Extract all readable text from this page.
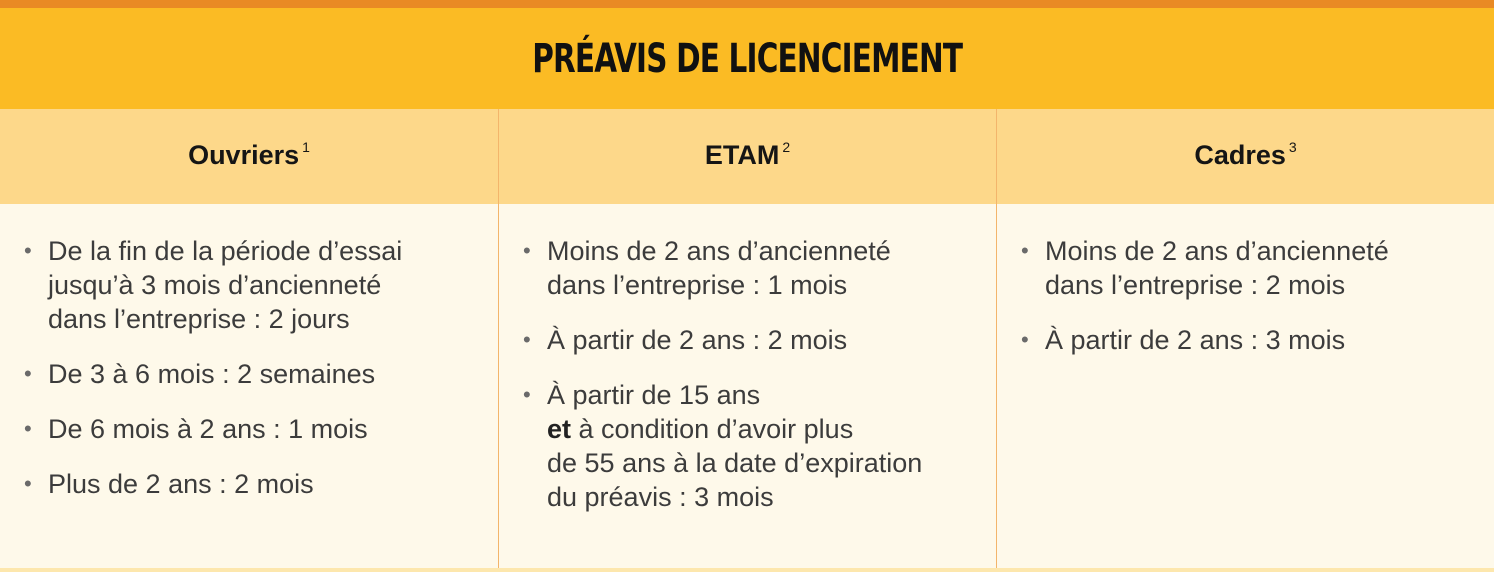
PRÉAVIS DE LICENCIEMENT
Ouvriers $^1$	ETAM $^2$	Cadres $^3$
• De la fin de la période d’essai
jusqu’à 3 mois d’ancienneté
dans l’entreprise : 2 jours
• De 3 à 6 mois : 2 semaines
• De 6 mois à 2 ans : 1 mois
• Plus de 2 ans : 2 mois
• Moins de 2 ans d’ancienneté
dans l’entreprise : 1 mois
• À partir de 2 ans : 2 mois
• À partir de 15 ans
et à condition d’avoir plus
de 55 ans à la date d’expiration
du préavis : 3 mois
• Moins de 2 ans d’ancienneté
dans l’entreprise : 2 mois
• À partir de 2 ans : 3 mois
